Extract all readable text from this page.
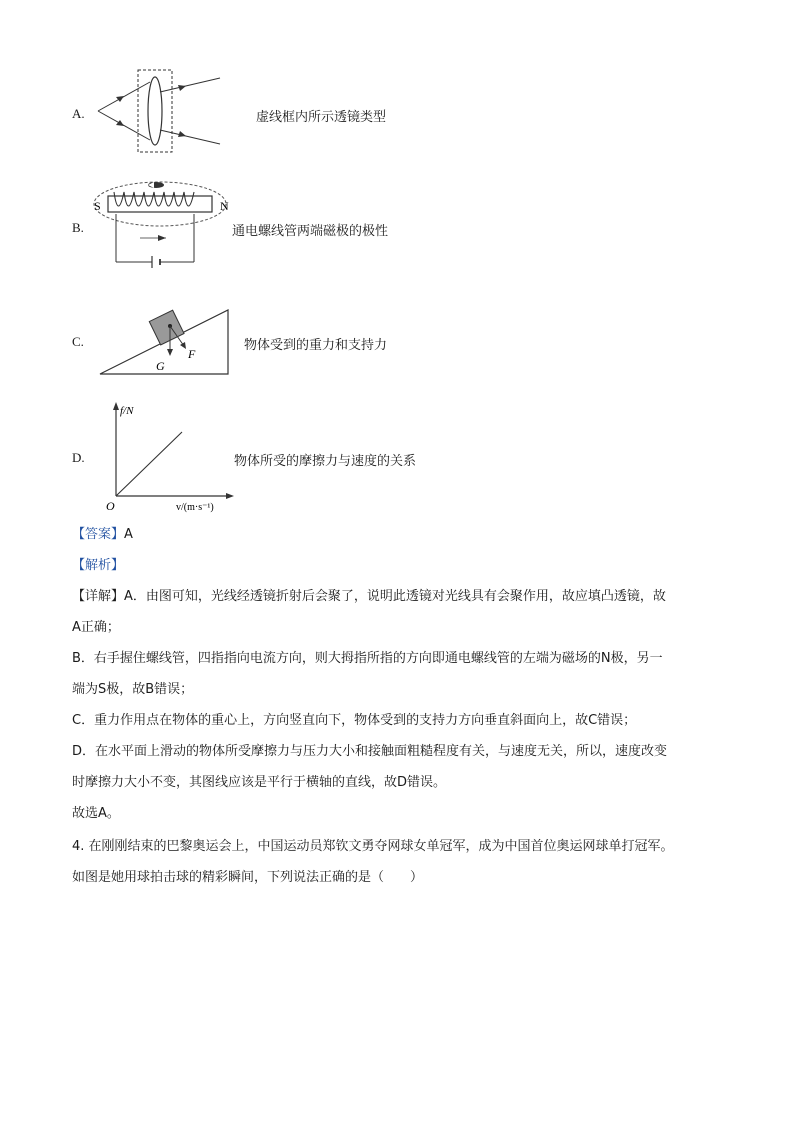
A.	虚线框内所示透镜类型
B.
S	N
通电螺线管两端磁极的极性
C.
G
F
物体受到的重力和支持力
D.
f/N
O	v/(m·s⁻¹)
物体所受的摩擦力与速度的关系
【答案】A
【解析】
【详解】A．由图可知，光线经透镜折射后会聚了，说明此透镜对光线具有会聚作用，故应填凸透镜，故
A正确；
B．右手握住螺线管，四指指向电流方向，则大拇指所指的方向即通电螺线管的左端为磁场的N极，另一
端为S极，故B错误；
C．重力作用点在物体的重心上，方向竖直向下，物体受到的支持力方向垂直斜面向上，故C错误；
D．在水平面上滑动的物体所受摩擦力与压力大小和接触面粗糙程度有关，与速度无关，所以，速度改变
时摩擦力大小不变，其图线应该是平行于横轴的直线，故D错误。
故选A。
4. 在刚刚结束的巴黎奥运会上，中国运动员郑钦文勇夺网球女单冠军，成为中国首位奥运网球单打冠军。
如图是她用球拍击球的精彩瞬间，下列说法正确的是（　　）
